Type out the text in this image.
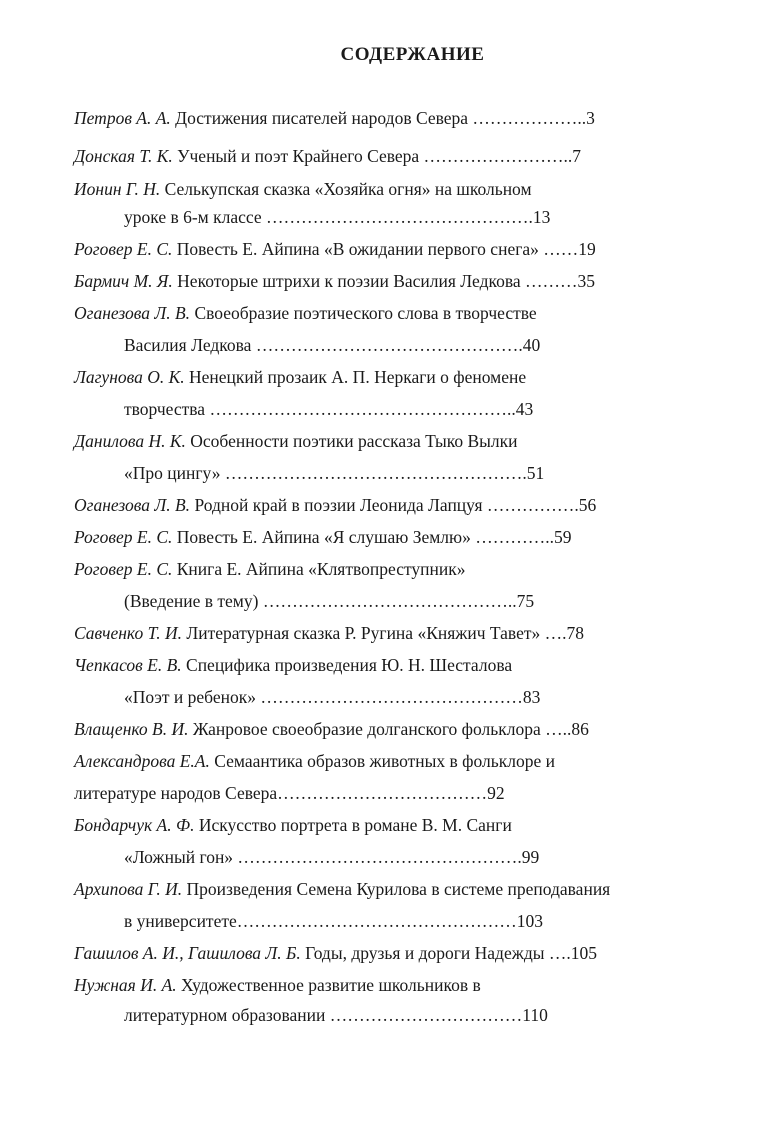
СОДЕРЖАНИЕ
Петров А. А. Достижения писателей народов Севера ………………..3
Донская Т. К. Ученый и поэт Крайнего Севера ……………………..7
Ионин Г. Н. Селькупская сказка «Хозяйка огня» на школьном
уроке в 6-м классе ……………………………………….13
Роговер Е. С. Повесть Е. Айпина «В ожидании первого снега» ……19
Бармич М. Я. Некоторые штрихи к поэзии Василия Ледкова ………35
Оганезова Л. В. Своеобразие поэтического слова в творчестве
Василия Ледкова ……………………………………….40
Лагунова О. К. Ненецкий прозаик А. П. Неркаги о феномене
творчества ……………………………………………..43
Данилова Н. К. Особенности поэтики рассказа Тыко Вылки
«Про цингу» …………………………………………….51
Оганезова Л. В. Родной край в поэзии Леонида Лапцуя …………….56
Роговер Е. С. Повесть Е. Айпина «Я слушаю Землю» …………..59
Роговер Е. С. Книга Е. Айпина «Клятвопреступник»
(Введение в тему) ……………………………………..75
Савченко Т. И. Литературная сказка Р. Ругина «Княжич Тавет» ….78
Чепкасов Е. В. Специфика произведения Ю. Н. Шесталова
«Поэт и ребенок» ………………………………………83
Влащенко В. И. Жанровое своеобразие долганского фольклора …..86
Александрова Е.А. Семаантика образов животных в фольклоре и
литературе народов Севера………………………………92
Бондарчук А. Ф. Искусство портрета в романе В. М. Санги
«Ложный гон» ………………………………………….99
Архипова Г. И. Произведения Семена Курилова в системе преподавания
в университете…………………………………………103
Гашилов А. И., Гашилова Л. Б. Годы, друзья и дороги Надежды ….105
Нужная И. А. Художественное развитие школьников в
литературном образовании ……………………………110
